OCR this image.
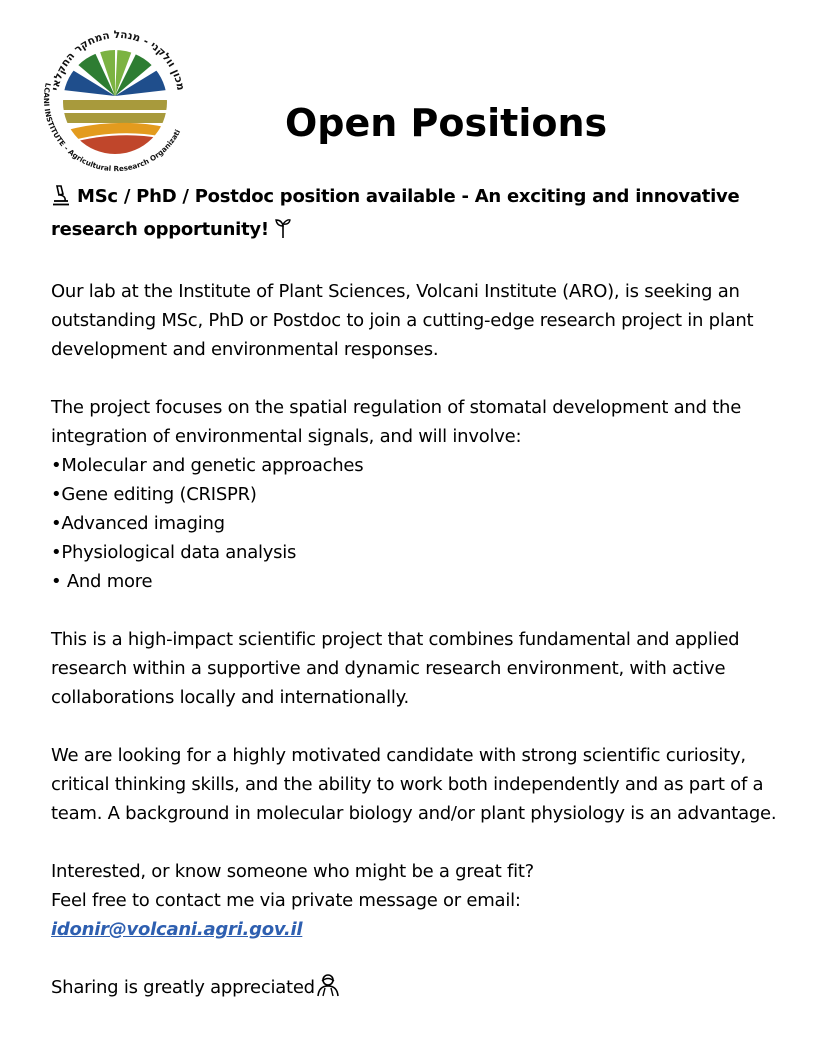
מכון וולקני - מנהל המחקר החקלאי
LCANI INSTITUTE - Agricultural Research Organizati	Open Positions

MSc / PhD / Postdoc position available - An exciting and innovative research opportunity!

Our lab at the Institute of Plant Sciences, Volcani Institute (ARO), is seeking an outstanding MSc, PhD or Postdoc to join a cutting-edge research project in plant development and environmental responses.

The project focuses on the spatial regulation of stomatal development and the integration of environmental signals, and will involve:

•Molecular and genetic approaches
•Gene editing (CRISPR)
•Advanced imaging
•Physiological data analysis
• And more

This is a high-impact scientific project that combines fundamental and applied research within a supportive and dynamic research environment, with active collaborations locally and internationally.

We are looking for a highly motivated candidate with strong scientific curiosity, critical thinking skills, and the ability to work both independently and as part of a team. A background in molecular biology and/or plant physiology is an advantage.

Interested, or know someone who might be a great fit?

Feel free to contact me via private message or email:

idonir@volcani.agri.gov.il

Sharing is greatly appreciated
